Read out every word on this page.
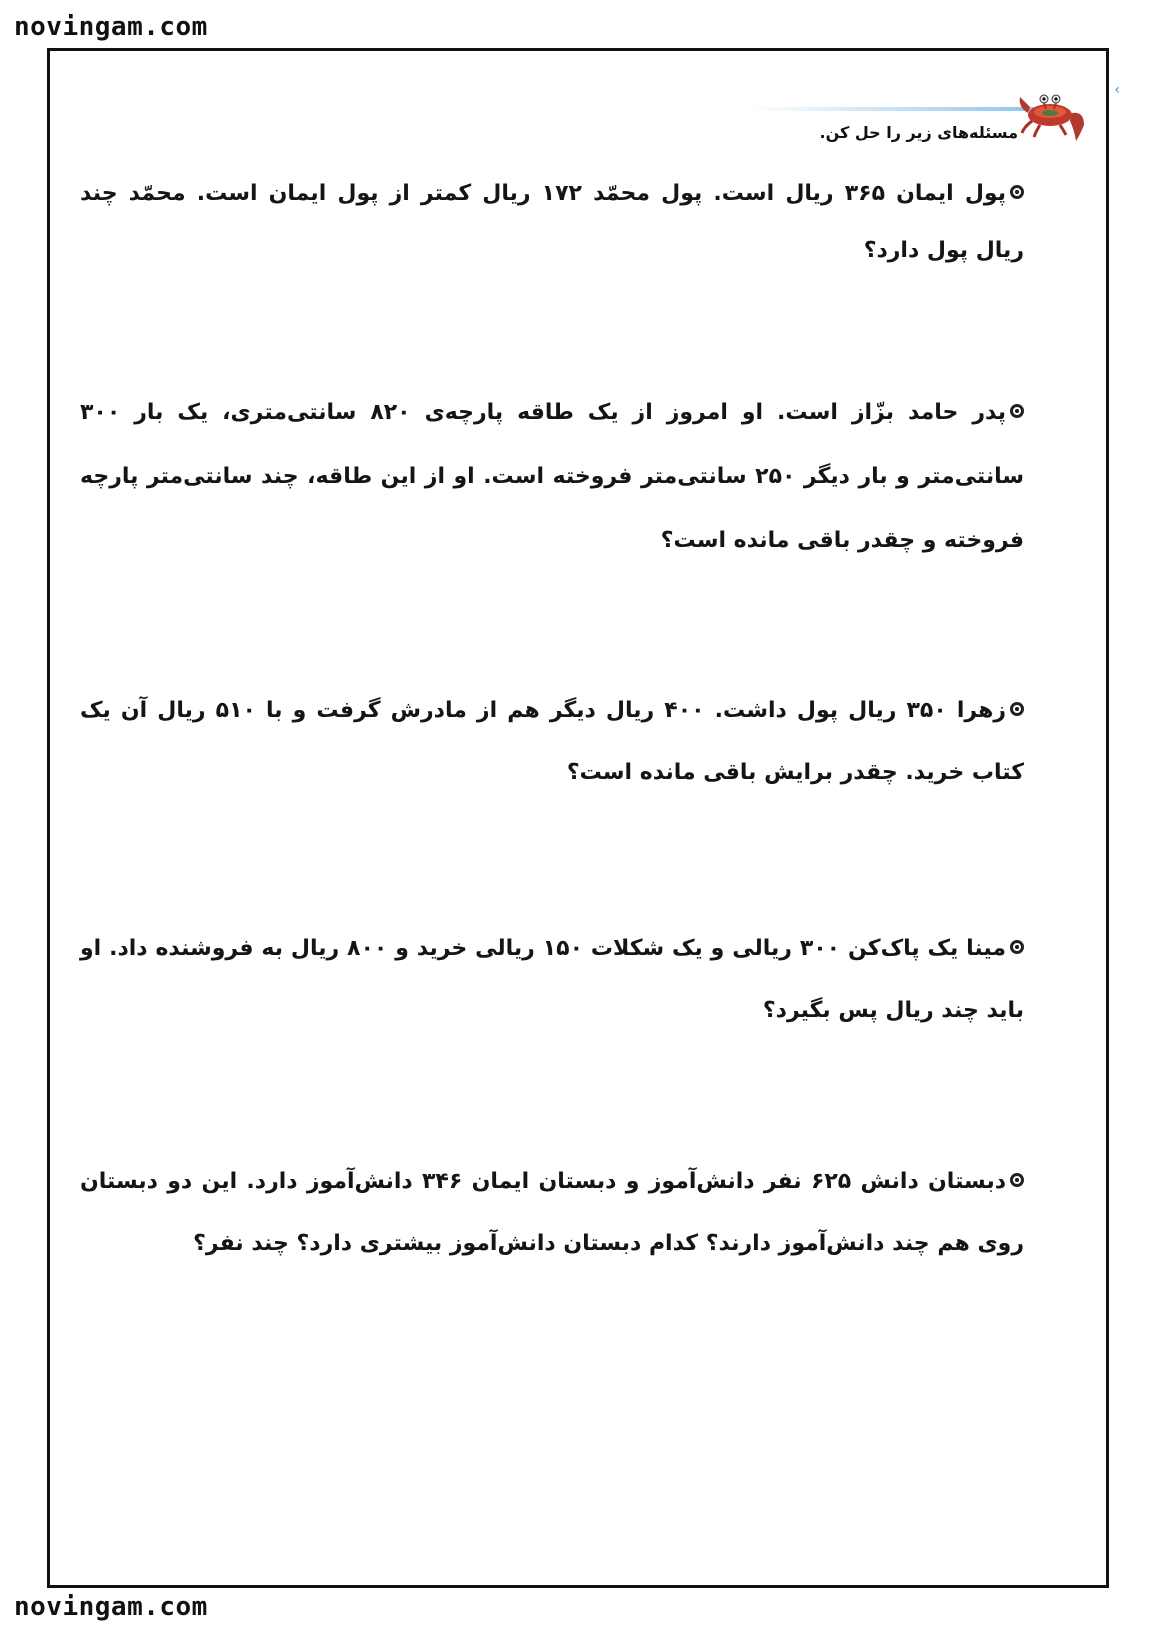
novingam.com
‹
مسئله‌های زیر را حل کن.
پول ایمان ۳۶۵ ریال است. پول محمّد ۱۷۲ ریال کمتر از پول ایمان است. محمّد چند ریال پول دارد؟
پدر حامد بزّاز است. او امروز از یک طاقه پارچه‌ی ۸۲۰ سانتی‌متری، یک بار ۳۰۰ سانتی‌متر و بار دیگر ۲۵۰ سانتی‌متر فروخته است. او از این طاقه، چند سانتی‌متر پارچه فروخته و چقدر باقی مانده است؟
زهرا ۳۵۰ ریال پول داشت. ۴۰۰ ریال دیگر هم از مادرش گرفت و با ۵۱۰ ریال آن یک کتاب خرید. چقدر برایش باقی مانده است؟
مینا یک پاک‌کن ۳۰۰ ریالی و یک شکلات ۱۵۰ ریالی خرید و ۸۰۰ ریال به فروشنده داد. او باید چند ریال پس بگیرد؟
دبستان دانش ۶۲۵ نفر دانش‌آموز و دبستان ایمان ۳۴۶ دانش‌آموز دارد. این دو دبستان روی هم چند دانش‌آموز دارند؟ کدام دبستان دانش‌آموز بیشتری دارد؟ چند نفر؟
novingam.com
